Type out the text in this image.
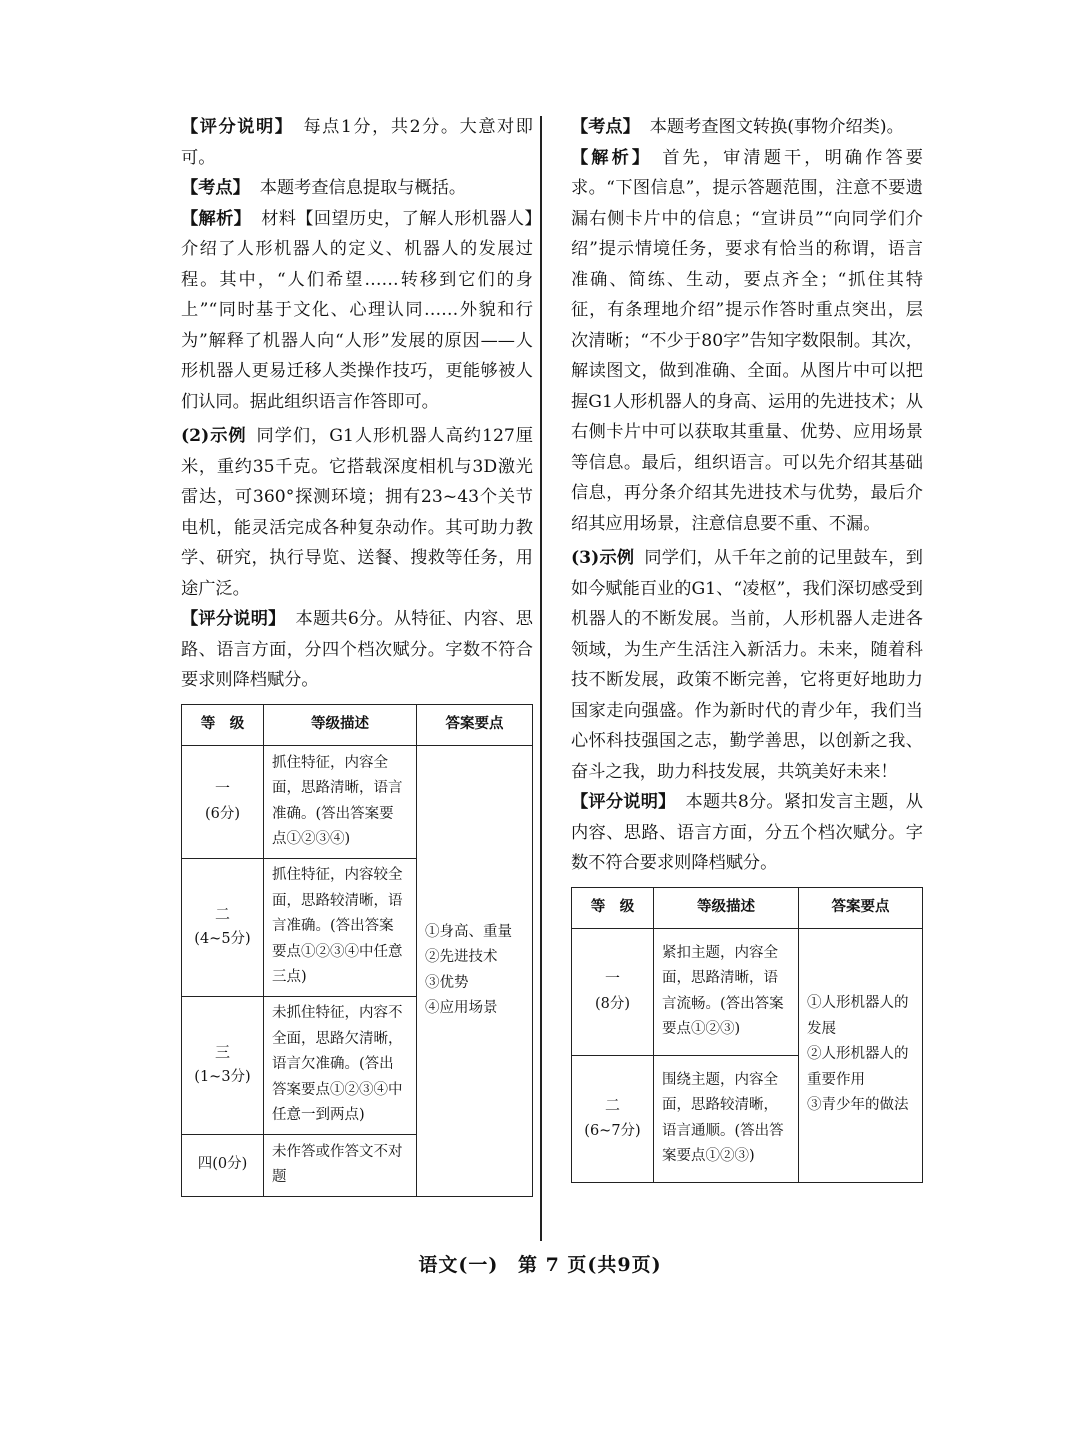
【评分说明】 每点1分，共2分。大意对即可。

【考点】 本题考查信息提取与概括。

【解析】 材料【回望历史，了解人形机器人】介绍了人形机器人的定义、机器人的发展过程。其中，“人们希望……转移到它们的身上”“同时基于文化、心理认同……外貌和行为”解释了机器人向“人形”发展的原因——人形机器人更易迁移人类操作技巧，更能够被人们认同。据此组织语言作答即可。

(2)示例 同学们，G1人形机器人高约127厘米，重约35千克。它搭载深度相机与3D激光雷达，可360°探测环境；拥有23~43个关节电机，能灵活完成各种复杂动作。其可助力教学、研究，执行导览、送餐、搜救等任务，用途广泛。

【评分说明】 本题共6分。从特征、内容、思路、语言方面，分四个档次赋分。字数不符合要求则降档赋分。

等　级	等级描述	答案要点

一
(6分)	抓住特征，内容全面，思路清晰，语言准确。(答出答案要点①②③④)	①身高、重量
②先进技术
③优势
④应用场景

二
(4~5分)	抓住特征，内容较全面，思路较清晰，语言准确。(答出答案要点①②③④中任意三点)	

三
(1~3分)	未抓住特征，内容不全面，思路欠清晰，语言欠准确。(答出答案要点①②③④中任意一到两点)	
四(0分)	未作答或作答文不对题	

【考点】 本题考查图文转换(事物介绍类)。

【解析】 首先，审清题干，明确作答要求。“下图信息”，提示答题范围，注意不要遗漏右侧卡片中的信息；“宣讲员”“向同学们介绍”提示情境任务，要求有恰当的称谓，语言准确、简练、生动，要点齐全；“抓住其特征，有条理地介绍”提示作答时重点突出，层次清晰；“不少于80字”告知字数限制。其次，解读图文，做到准确、全面。从图片中可以把握G1人形机器人的身高、运用的先进技术；从右侧卡片中可以获取其重量、优势、应用场景等信息。最后，组织语言。可以先介绍其基础信息，再分条介绍其先进技术与优势，最后介绍其应用场景，注意信息要不重、不漏。

(3)示例 同学们，从千年之前的记里鼓车，到如今赋能百业的G1、“凌枢”，我们深切感受到机器人的不断发展。当前，人形机器人走进各领域，为生产生活注入新活力。未来，随着科技不断发展，政策不断完善，它将更好地助力国家走向强盛。作为新时代的青少年，我们当心怀科技强国之志，勤学善思，以创新之我、奋斗之我，助力科技发展，共筑美好未来！

【评分说明】 本题共8分。紧扣发言主题，从内容、思路、语言方面，分五个档次赋分。字数不符合要求则降档赋分。

等　级	等级描述	答案要点

一
(8分)	紧扣主题，内容全面，思路清晰，语言流畅。(答出答案要点①②③)	①人形机器人的发展
②人形机器人的重要作用
③青少年的做法

二
(6~7分)	围绕主题，内容全面，思路较清晰，语言通顺。(答出答案要点①②③)	
语文(一) 第 7 页(共9页)
